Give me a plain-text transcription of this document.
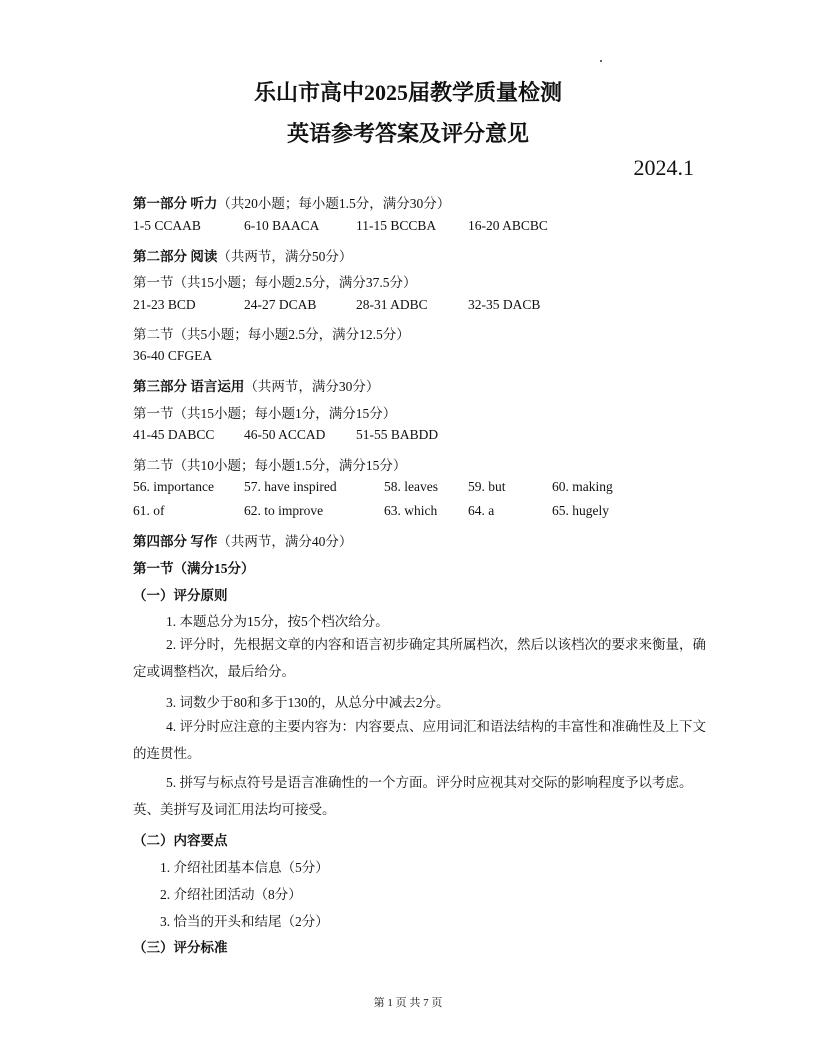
乐山市高中2025届教学质量检测
英语参考答案及评分意见
2024.1
第一部分 听力（共20小题；每小题1.5分，满分30分）
1-5 CCAAB	6-10 BAACA	11-15 BCCBA 16-20 ABCBC
第二部分 阅读（共两节，满分50分）
第一节（共15小题；每小题2.5分，满分37.5分）
21-23 BCD	24-27 DCAB	28-31 ADBC	32-35 DACB
第二节（共5小题；每小题2.5分，满分12.5分）
36-40 CFGEA
第三部分 语言运用（共两节，满分30分）
第一节（共15小题；每小题1分，满分15分）
41-45 DABCC 46-50 ACCAD 51-55 BABDD
第二节（共10小题；每小题1.5分，满分15分）
56. importance 57. have inspired	58. leaves 59. but	60. making
61. of	62. to improve	63. which 64. a	65. hugely
第四部分 写作（共两节，满分40分）
第一节（满分15分）
（一）评分原则
1. 本题总分为15分，按5个档次给分。
2. 评分时，先根据文章的内容和语言初步确定其所属档次，然后以该档次的要求来衡量，确定或调整档次，最后给分。
3. 词数少于80和多于130的，从总分中减去2分。
4. 评分时应注意的主要内容为：内容要点、应用词汇和语法结构的丰富性和准确性及上下文的连贯性。
5. 拼写与标点符号是语言准确性的一个方面。评分时应视其对交际的影响程度予以考虑。英、美拼写及词汇用法均可接受。
（二）内容要点
1. 介绍社团基本信息（5分）
2. 介绍社团活动（8分）
3. 恰当的开头和结尾（2分）
（三）评分标准
第 1 页 共 7 页
